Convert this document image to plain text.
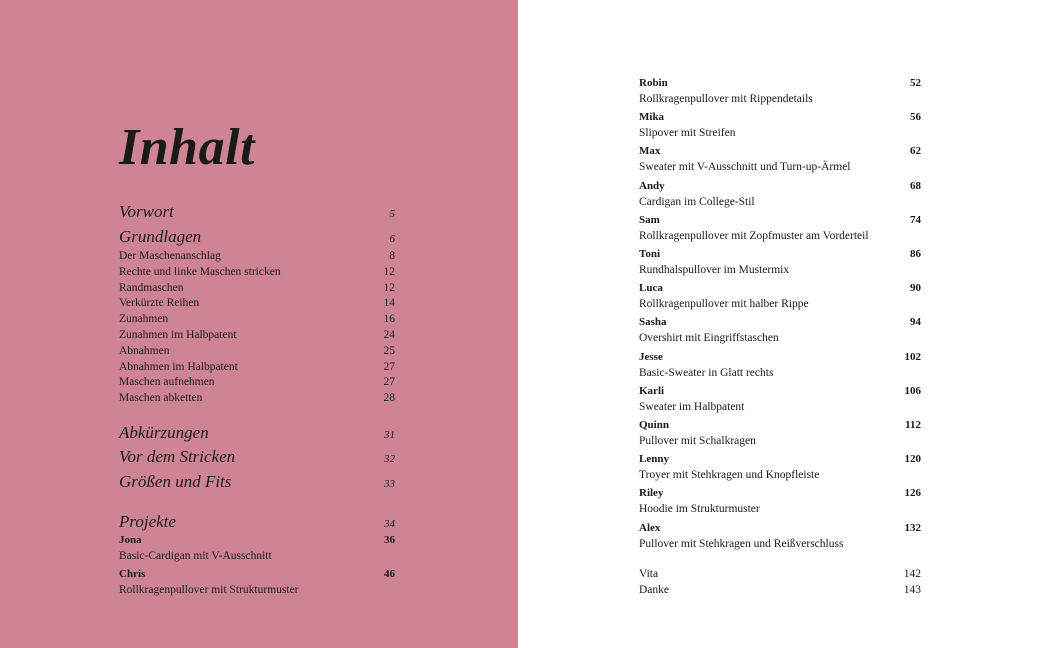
Inhalt
Vorwort	5
Grundlagen	6
Der Maschenanschlag	8
Rechte und linke Maschen stricken	12
Randmaschen	12
Verkürzte Reihen	14
Zunahmen	16
Zunahmen im Halbpatent	24
Abnahmen	25
Abnahmen im Halbpatent	27
Maschen aufnehmen	27
Maschen abketten	28
Abkürzungen	31
Vor dem Stricken	32
Größen und Fits	33
Projekte	34
Jona	36
Basic-Cardigan mit V-Ausschnitt
Chris	46
Rollkragenpullover mit Strukturmuster
Robin	52
Rollkragenpullover mit Rippendetails
Mika	56
Slipover mit Streifen
Max	62
Sweater mit V-Ausschnitt und Turn-up-Ärmel
Andy	68
Cardigan im College-Stil
Sam	74
Rollkragenpullover mit Zopfmuster am Vorderteil
Toni	86
Rundhalspullover im Mustermix
Luca	90
Rollkragenpullover mit halber Rippe
Sasha	94
Overshirt mit Eingriffstaschen
Jesse	102
Basic-Sweater in Glatt rechts
Karli	106
Sweater im Halbpatent
Quinn	112
Pullover mit Schalkragen
Lenny	120
Troyer mit Stehkragen und Knopfleiste
Riley	126
Hoodie im Strukturmuster
Alex	132
Pullover mit Stehkragen und Reißverschluss
Vita	142
Danke	143
